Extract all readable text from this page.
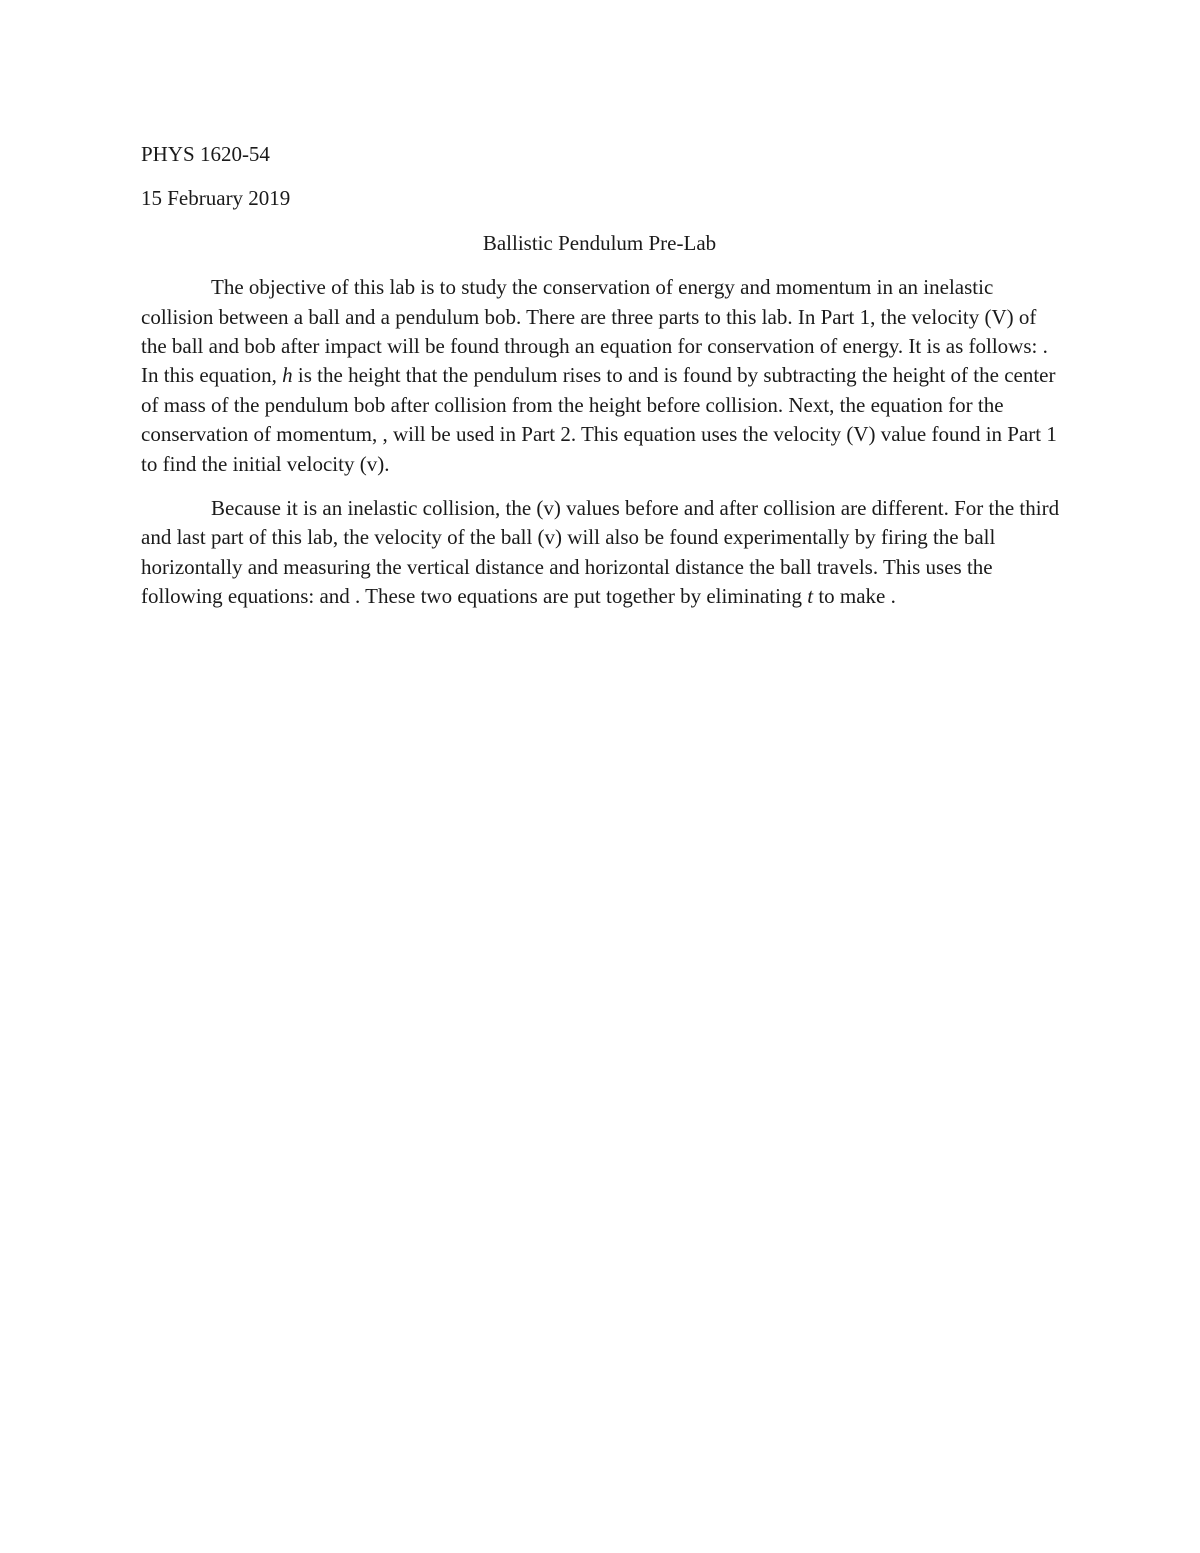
PHYS 1620-54

15 February 2019

Ballistic Pendulum Pre-Lab

The objective of this lab is to study the conservation of energy and momentum in an inelastic collision between a ball and a pendulum bob. There are three parts to this lab. In Part 1, the velocity (V) of the ball and bob after impact will be found through an equation for conservation of energy. It is as follows: . In this equation, h is the height that the pendulum rises to and is found by subtracting the height of the center of mass of the pendulum bob after collision from the height before collision. Next, the equation for the conservation of momentum, , will be used in Part 2. This equation uses the velocity (V) value found in Part 1 to find the initial velocity (v).

Because it is an inelastic collision, the (v) values before and after collision are different. For the third and last part of this lab, the velocity of the ball (v) will also be found experimentally by firing the ball horizontally and measuring the vertical distance and horizontal distance the ball travels. This uses the following equations: and . These two equations are put together by eliminating t to make .
